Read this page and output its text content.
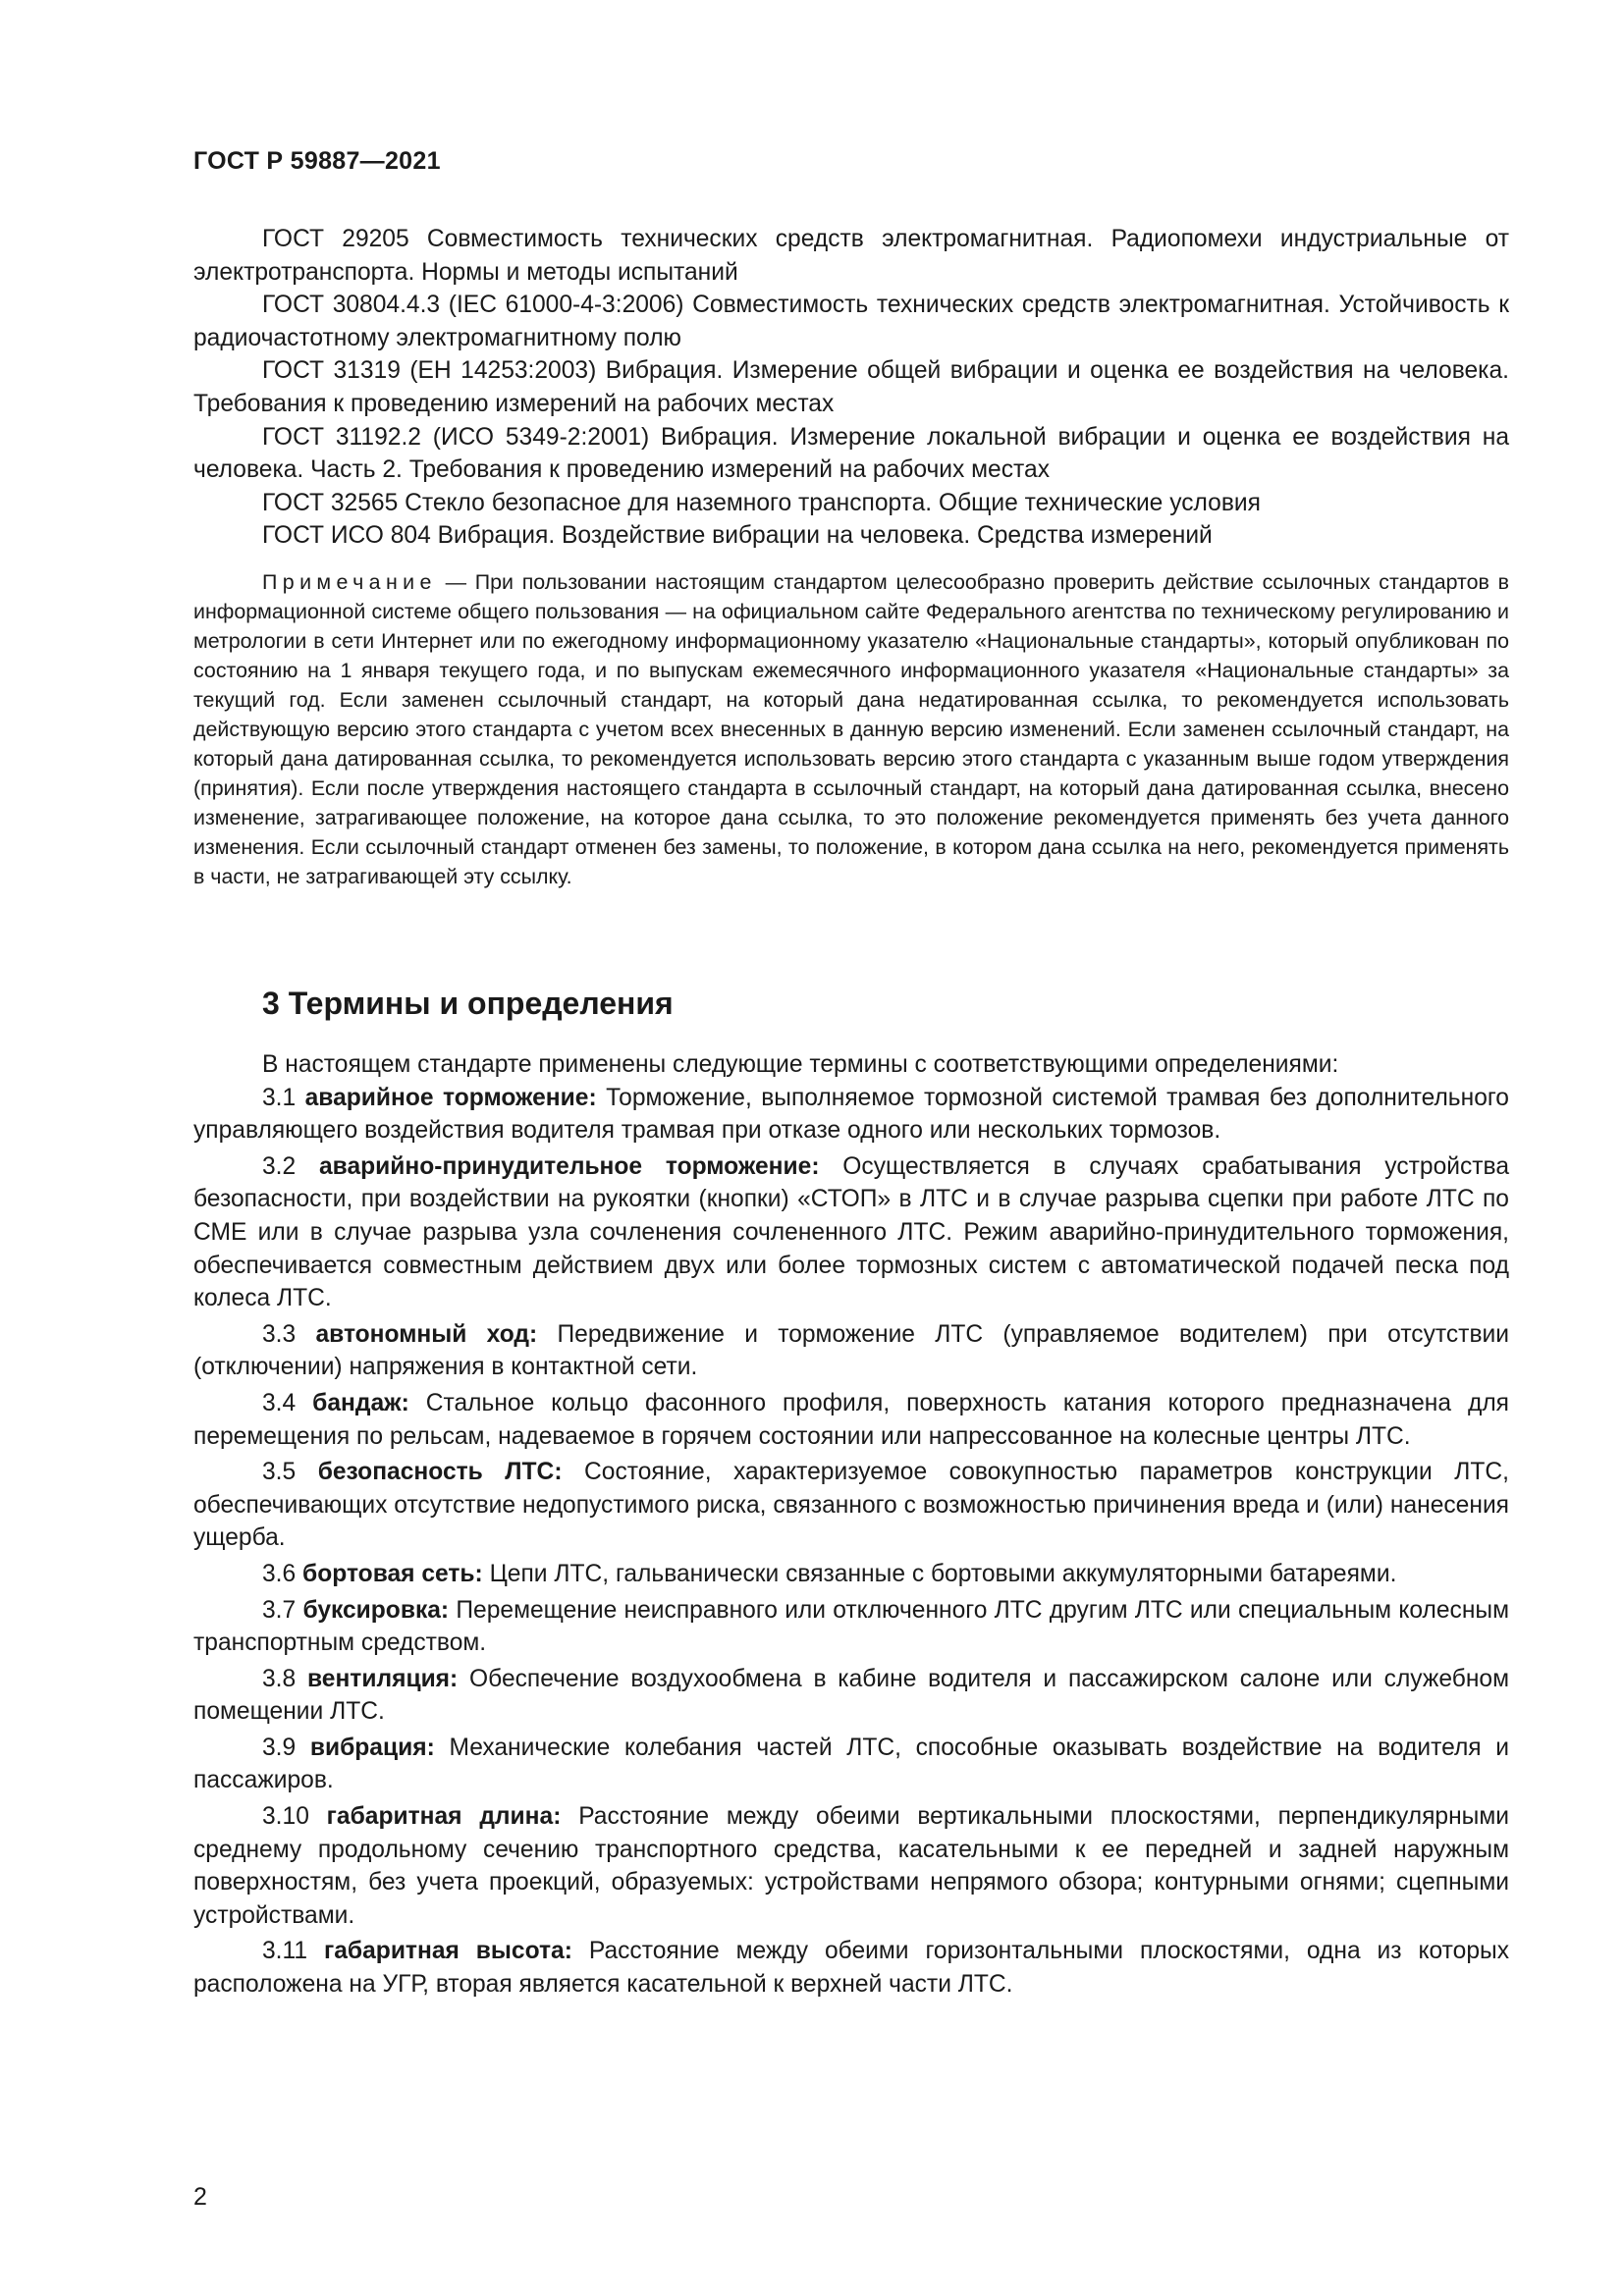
ГОСТ Р 59887—2021

ГОСТ 29205 Совместимость технических средств электромагнитная. Радиопомехи индустриальные от электротранспорта. Нормы и методы испытаний

ГОСТ 30804.4.3 (IEC 61000-4-3:2006) Совместимость технических средств электромагнитная. Устойчивость к радиочастотному электромагнитному полю

ГОСТ 31319 (ЕН 14253:2003) Вибрация. Измерение общей вибрации и оценка ее воздействия на человека. Требования к проведению измерений на рабочих местах

ГОСТ 31192.2 (ИСО 5349-2:2001) Вибрация. Измерение локальной вибрации и оценка ее воздействия на человека. Часть 2. Требования к проведению измерений на рабочих местах

ГОСТ 32565 Стекло безопасное для наземного транспорта. Общие технические условия

ГОСТ ИСО 804 Вибрация. Воздействие вибрации на человека. Средства измерений

Примечание — При пользовании настоящим стандартом целесообразно проверить действие ссылочных стандартов в информационной системе общего пользования — на официальном сайте Федерального агентства по техническому регулированию и метрологии в сети Интернет или по ежегодному информационному указателю «Национальные стандарты», который опубликован по состоянию на 1 января текущего года, и по выпускам ежемесячного информационного указателя «Национальные стандарты» за текущий год. Если заменен ссылочный стандарт, на который дана недатированная ссылка, то рекомендуется использовать действующую версию этого стандарта с учетом всех внесенных в данную версию изменений. Если заменен ссылочный стандарт, на который дана датированная ссылка, то рекомендуется использовать версию этого стандарта с указанным выше годом утверждения (принятия). Если после утверждения настоящего стандарта в ссылочный стандарт, на который дана датированная ссылка, внесено изменение, затрагивающее положение, на которое дана ссылка, то это положение рекомендуется применять без учета данного изменения. Если ссылочный стандарт отменен без замены, то положение, в котором дана ссылка на него, рекомендуется применять в части, не затрагивающей эту ссылку.

3 Термины и определения

В настоящем стандарте применены следующие термины с соответствующими определениями:

3.1 аварийное торможение: Торможение, выполняемое тормозной системой трамвая без дополнительного управляющего воздействия водителя трамвая при отказе одного или нескольких тормозов.

3.2 аварийно-принудительное торможение: Осуществляется в случаях срабатывания устройства безопасности, при воздействии на рукоятки (кнопки) «СТОП» в ЛТС и в случае разрыва сцепки при работе ЛТС по СМЕ или в случае разрыва узла сочленения сочлененного ЛТС. Режим аварийно-принудительного торможения, обеспечивается совместным действием двух или более тормозных систем с автоматической подачей песка под колеса ЛТС.

3.3 автономный ход: Передвижение и торможение ЛТС (управляемое водителем) при отсутствии (отключении) напряжения в контактной сети.

3.4 бандаж: Стальное кольцо фасонного профиля, поверхность катания которого предназначена для перемещения по рельсам, надеваемое в горячем состоянии или напрессованное на колесные центры ЛТС.

3.5 безопасность ЛТС: Состояние, характеризуемое совокупностью параметров конструкции ЛТС, обеспечивающих отсутствие недопустимого риска, связанного с возможностью причинения вреда и (или) нанесения ущерба.

3.6 бортовая сеть: Цепи ЛТС, гальванически связанные с бортовыми аккумуляторными батареями.

3.7 буксировка: Перемещение неисправного или отключенного ЛТС другим ЛТС или специальным колесным транспортным средством.

3.8 вентиляция: Обеспечение воздухообмена в кабине водителя и пассажирском салоне или служебном помещении ЛТС.

3.9 вибрация: Механические колебания частей ЛТС, способные оказывать воздействие на водителя и пассажиров.

3.10 габаритная длина: Расстояние между обеими вертикальными плоскостями, перпендикулярными среднему продольному сечению транспортного средства, касательными к ее передней и задней наружным поверхностям, без учета проекций, образуемых: устройствами непрямого обзора; контурными огнями; сцепными устройствами.

3.11 габаритная высота: Расстояние между обеими горизонтальными плоскостями, одна из которых расположена на УГР, вторая является касательной к верхней части ЛТС.

2
